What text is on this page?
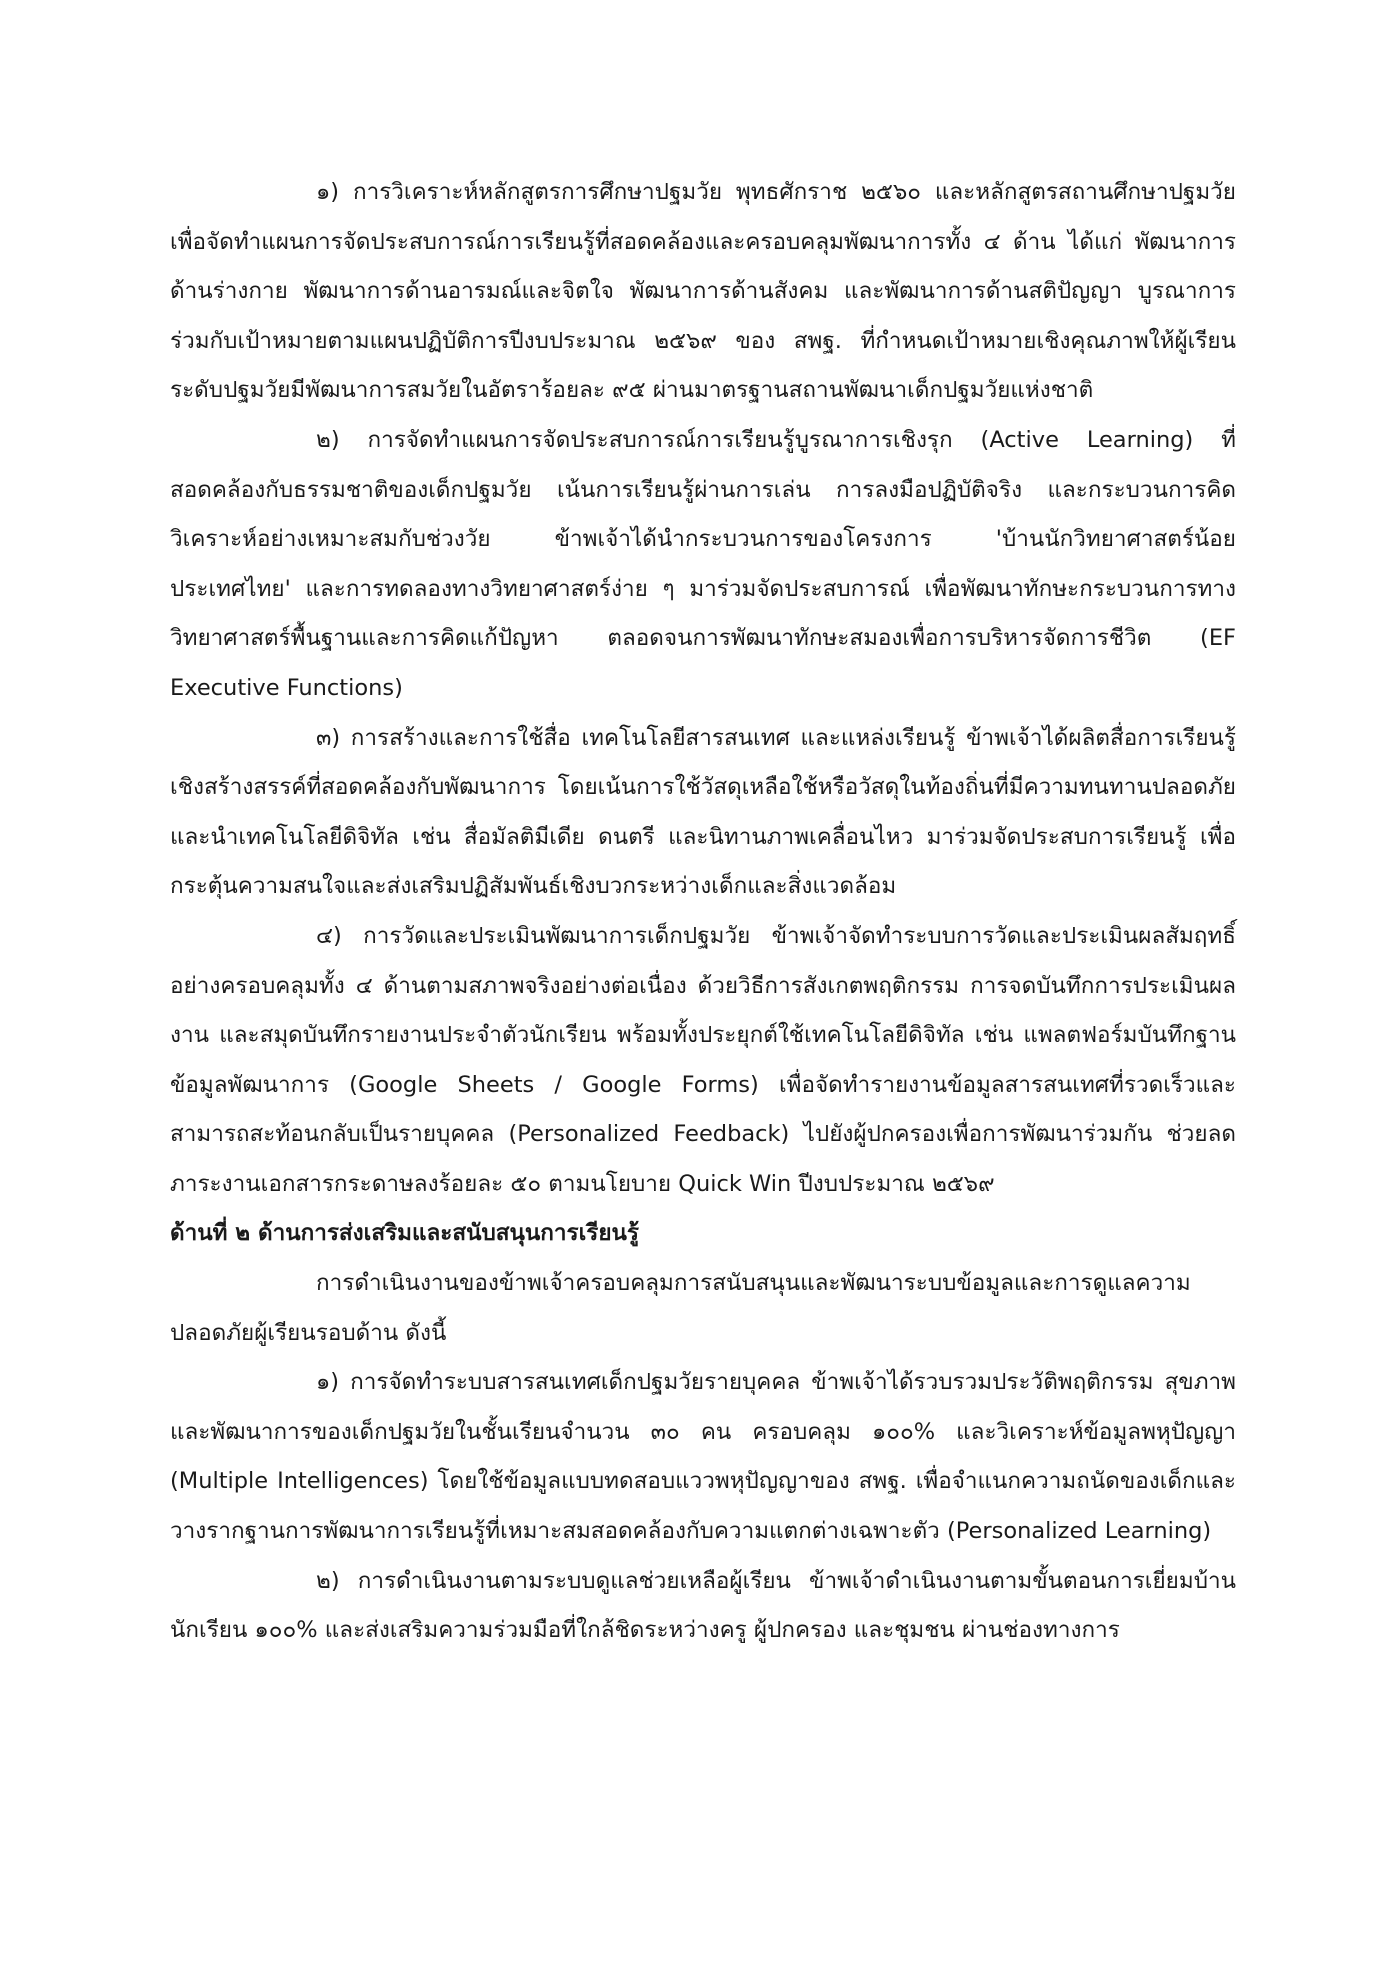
๑) การวิเคราะห์หลักสูตรการศึกษาปฐมวัย พุทธศักราช ๒๕๖๐ และหลักสูตรสถานศึกษาปฐมวัย เพื่อจัดทำแผนการจัดประสบการณ์การเรียนรู้ที่สอดคล้องและครอบคลุมพัฒนาการทั้ง ๔ ด้าน ได้แก่ พัฒนาการด้านร่างกาย พัฒนาการด้านอารมณ์และจิตใจ พัฒนาการด้านสังคม และพัฒนาการด้านสติปัญญา บูรณาการร่วมกับเป้าหมายตามแผนปฏิบัติการปีงบประมาณ ๒๕๖๙ ของ สพฐ. ที่กำหนดเป้าหมายเชิงคุณภาพให้ผู้เรียนระดับปฐมวัยมีพัฒนาการสมวัยในอัตราร้อยละ ๙๕ ผ่านมาตรฐานสถานพัฒนาเด็กปฐมวัยแห่งชาติ

๒) การจัดทำแผนการจัดประสบการณ์การเรียนรู้บูรณาการเชิงรุก (Active Learning) ที่สอดคล้องกับธรรมชาติของเด็กปฐมวัย เน้นการเรียนรู้ผ่านการเล่น การลงมือปฏิบัติจริง และกระบวนการคิดวิเคราะห์อย่างเหมาะสมกับช่วงวัย ข้าพเจ้าได้นำกระบวนการของโครงการ 'บ้านนักวิทยาศาสตร์น้อย ประเทศไทย' และการทดลองทางวิทยาศาสตร์ง่าย ๆ มาร่วมจัดประสบการณ์ เพื่อพัฒนาทักษะกระบวนการทางวิทยาศาสตร์พื้นฐานและการคิดแก้ปัญหา ตลอดจนการพัฒนาทักษะสมองเพื่อการบริหารจัดการชีวิต (EF Executive Functions)

๓) การสร้างและการใช้สื่อ เทคโนโลยีสารสนเทศ และแหล่งเรียนรู้ ข้าพเจ้าได้ผลิตสื่อการเรียนรู้เชิงสร้างสรรค์ที่สอดคล้องกับพัฒนาการ โดยเน้นการใช้วัสดุเหลือใช้หรือวัสดุในท้องถิ่นที่มีความทนทานปลอดภัย และนำเทคโนโลยีดิจิทัล เช่น สื่อมัลติมีเดีย ดนตรี และนิทานภาพเคลื่อนไหว มาร่วมจัดประสบการเรียนรู้ เพื่อกระตุ้นความสนใจและส่งเสริมปฏิสัมพันธ์เชิงบวกระหว่างเด็กและสิ่งแวดล้อม

๔) การวัดและประเมินพัฒนาการเด็กปฐมวัย ข้าพเจ้าจัดทำระบบการวัดและประเมินผลสัมฤทธิ์อย่างครอบคลุมทั้ง ๔ ด้านตามสภาพจริงอย่างต่อเนื่อง ด้วยวิธีการสังเกตพฤติกรรม การจดบันทึกการประเมินผลงาน และสมุดบันทึกรายงานประจำตัวนักเรียน พร้อมทั้งประยุกต์ใช้เทคโนโลยีดิจิทัล เช่น แพลตฟอร์มบันทึกฐานข้อมูลพัฒนาการ (Google Sheets / Google Forms) เพื่อจัดทำรายงานข้อมูลสารสนเทศที่รวดเร็วและสามารถสะท้อนกลับเป็นรายบุคคล (Personalized Feedback) ไปยังผู้ปกครองเพื่อการพัฒนาร่วมกัน ช่วยลดภาระงานเอกสารกระดาษลงร้อยละ ๕๐ ตามนโยบาย Quick Win ปีงบประมาณ ๒๕๖๙

ด้านที่ ๒ ด้านการส่งเสริมและสนับสนุนการเรียนรู้

การดำเนินงานของข้าพเจ้าครอบคลุมการสนับสนุนและพัฒนาระบบข้อมูลและการดูแลความปลอดภัยผู้เรียนรอบด้าน ดังนี้

๑) การจัดทำระบบสารสนเทศเด็กปฐมวัยรายบุคคล ข้าพเจ้าได้รวบรวมประวัติพฤติกรรม สุขภาพ และพัฒนาการของเด็กปฐมวัยในชั้นเรียนจำนวน ๓๐ คน ครอบคลุม ๑๐๐% และวิเคราะห์ข้อมูลพหุปัญญา (Multiple Intelligences) โดยใช้ข้อมูลแบบทดสอบแววพหุปัญญาของ สพฐ. เพื่อจำแนกความถนัดของเด็กและวางรากฐานการพัฒนาการเรียนรู้ที่เหมาะสมสอดคล้องกับความแตกต่างเฉพาะตัว (Personalized Learning)

๒) การดำเนินงานตามระบบดูแลช่วยเหลือผู้เรียน ข้าพเจ้าดำเนินงานตามขั้นตอนการเยี่ยมบ้านนักเรียน ๑๐๐% และส่งเสริมความร่วมมือที่ใกล้ชิดระหว่างครู ผู้ปกครอง และชุมชน ผ่านช่องทางการ
